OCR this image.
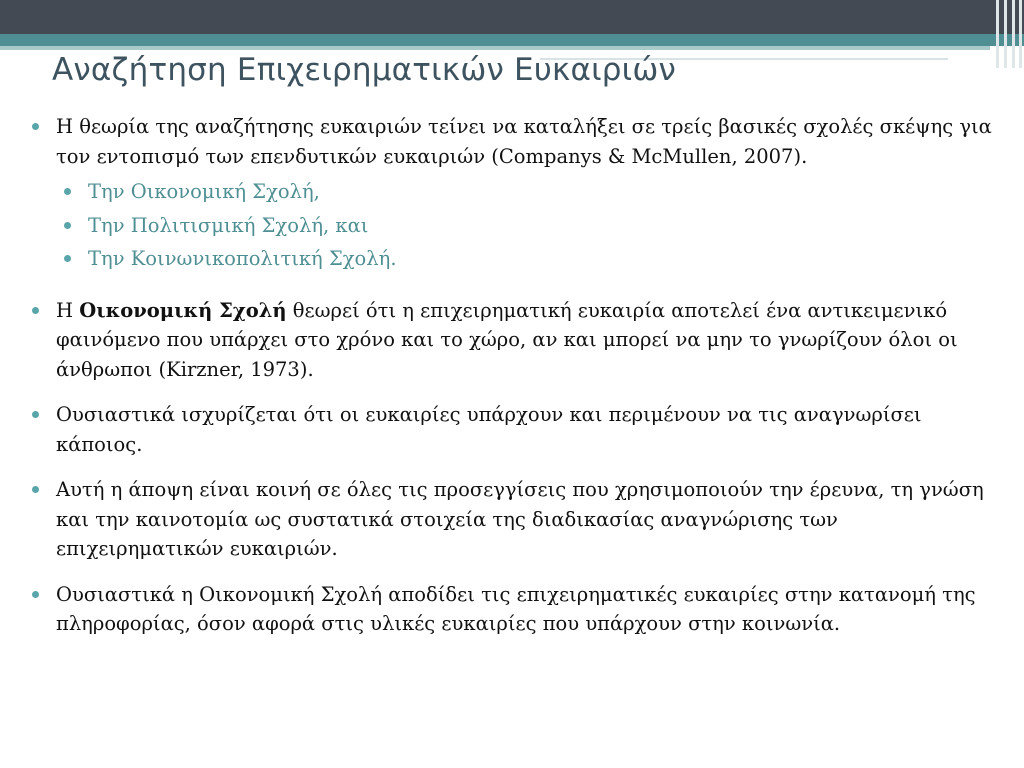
Αναζήτηση Επιχειρηματικών Ευκαιριών

Η θεωρία της αναζήτησης ευκαιριών τείνει να καταλήξει σε τρείς βασικές σχολές σκέψης για τον εντοπισμό των επενδυτικών ευκαιριών (Companys & McMullen, 2007).

Την Οικονομική Σχολή,
Την Πολιτισμική Σχολή, και
Την Κοινωνικοπολιτική Σχολή.

Η Οικονομική Σχολή θεωρεί ότι η επιχειρηματική ευκαιρία αποτελεί ένα αντικειμενικό φαινόμενο που υπάρχει στο χρόνο και το χώρο, αν και μπορεί να μην το γνωρίζουν όλοι οι άνθρωποι (Kirzner, 1973).

Ουσιαστικά ισχυρίζεται ότι οι ευκαιρίες υπάρχουν και περιμένουν να τις αναγνωρίσει κάποιος.

Αυτή η άποψη είναι κοινή σε όλες τις προσεγγίσεις που χρησιμοποιούν την έρευνα, τη γνώση και την καινοτομία ως συστατικά στοιχεία της διαδικασίας αναγνώρισης των επιχειρηματικών ευκαιριών.

Ουσιαστικά η Οικονομική Σχολή αποδίδει τις επιχειρηματικές ευκαιρίες στην κατανομή της πληροφορίας, όσον αφορά στις υλικές ευκαιρίες που υπάρχουν στην κοινωνία.
